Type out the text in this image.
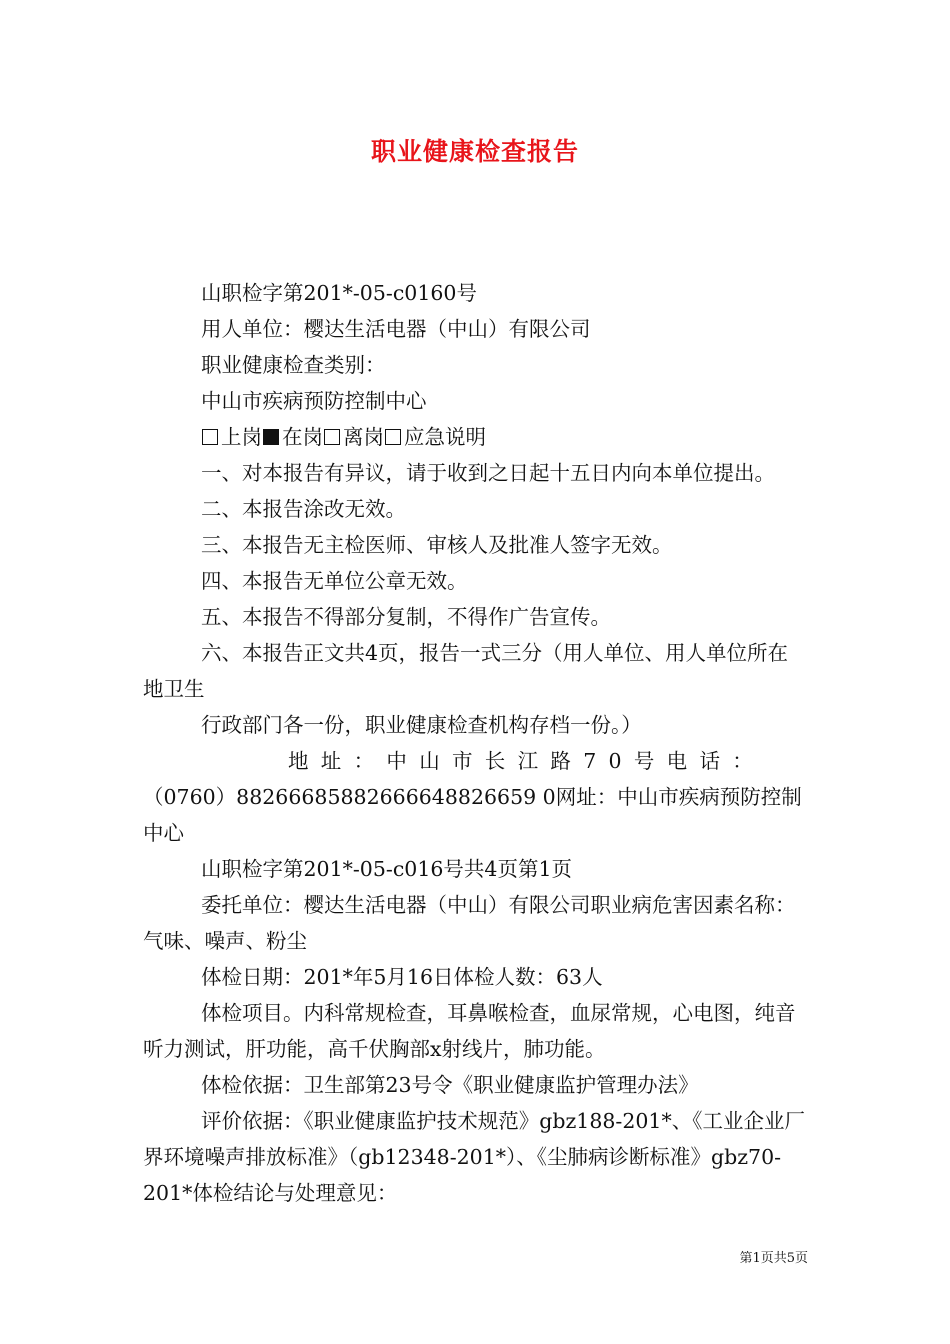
职业健康检查报告

山职检字第201*-05-c0160号

用人单位：樱达生活电器（中山）有限公司

职业健康检查类别：

中山市疾病预防控制中心

上岗 在岗 离岗 应急说明

一、对本报告有异议，请于收到之日起十五日内向本单位提出。

二、本报告涂改无效。

三、本报告无主检医师、审核人及批准人签字无效。

四、本报告无单位公章无效。

五、本报告不得部分复制，不得作广告宣传。

六、本报告正文共4页，报告一式三分（用人单位、用人单位所在地卫生

行政部门各一份，职业健康检查机构存档一份。）

地址：中山市长江路70号电话：
（0760）88266685882666648826659 0网址：中山市疾病预防控制中心

山职检字第201*-05-c016号共4页第1页

委托单位：樱达生活电器（中山）有限公司职业病危害因素名称：气味、噪声、粉尘

体检日期：201*年5月16日体检人数：63人

体检项目。内科常规检查，耳鼻喉检查，血尿常规，心电图，纯音听力测试，肝功能，高千伏胸部x射线片，肺功能。

体检依据：卫生部第23号令《职业健康监护管理办法》

评价依据：《职业健康监护技术规范》gbz188-201*、《工业企业厂界环境噪声排放标准》（gb12348-201*）、《尘肺病诊断标准》gbz70-201*体检结论与处理意见：

第1页共5页
